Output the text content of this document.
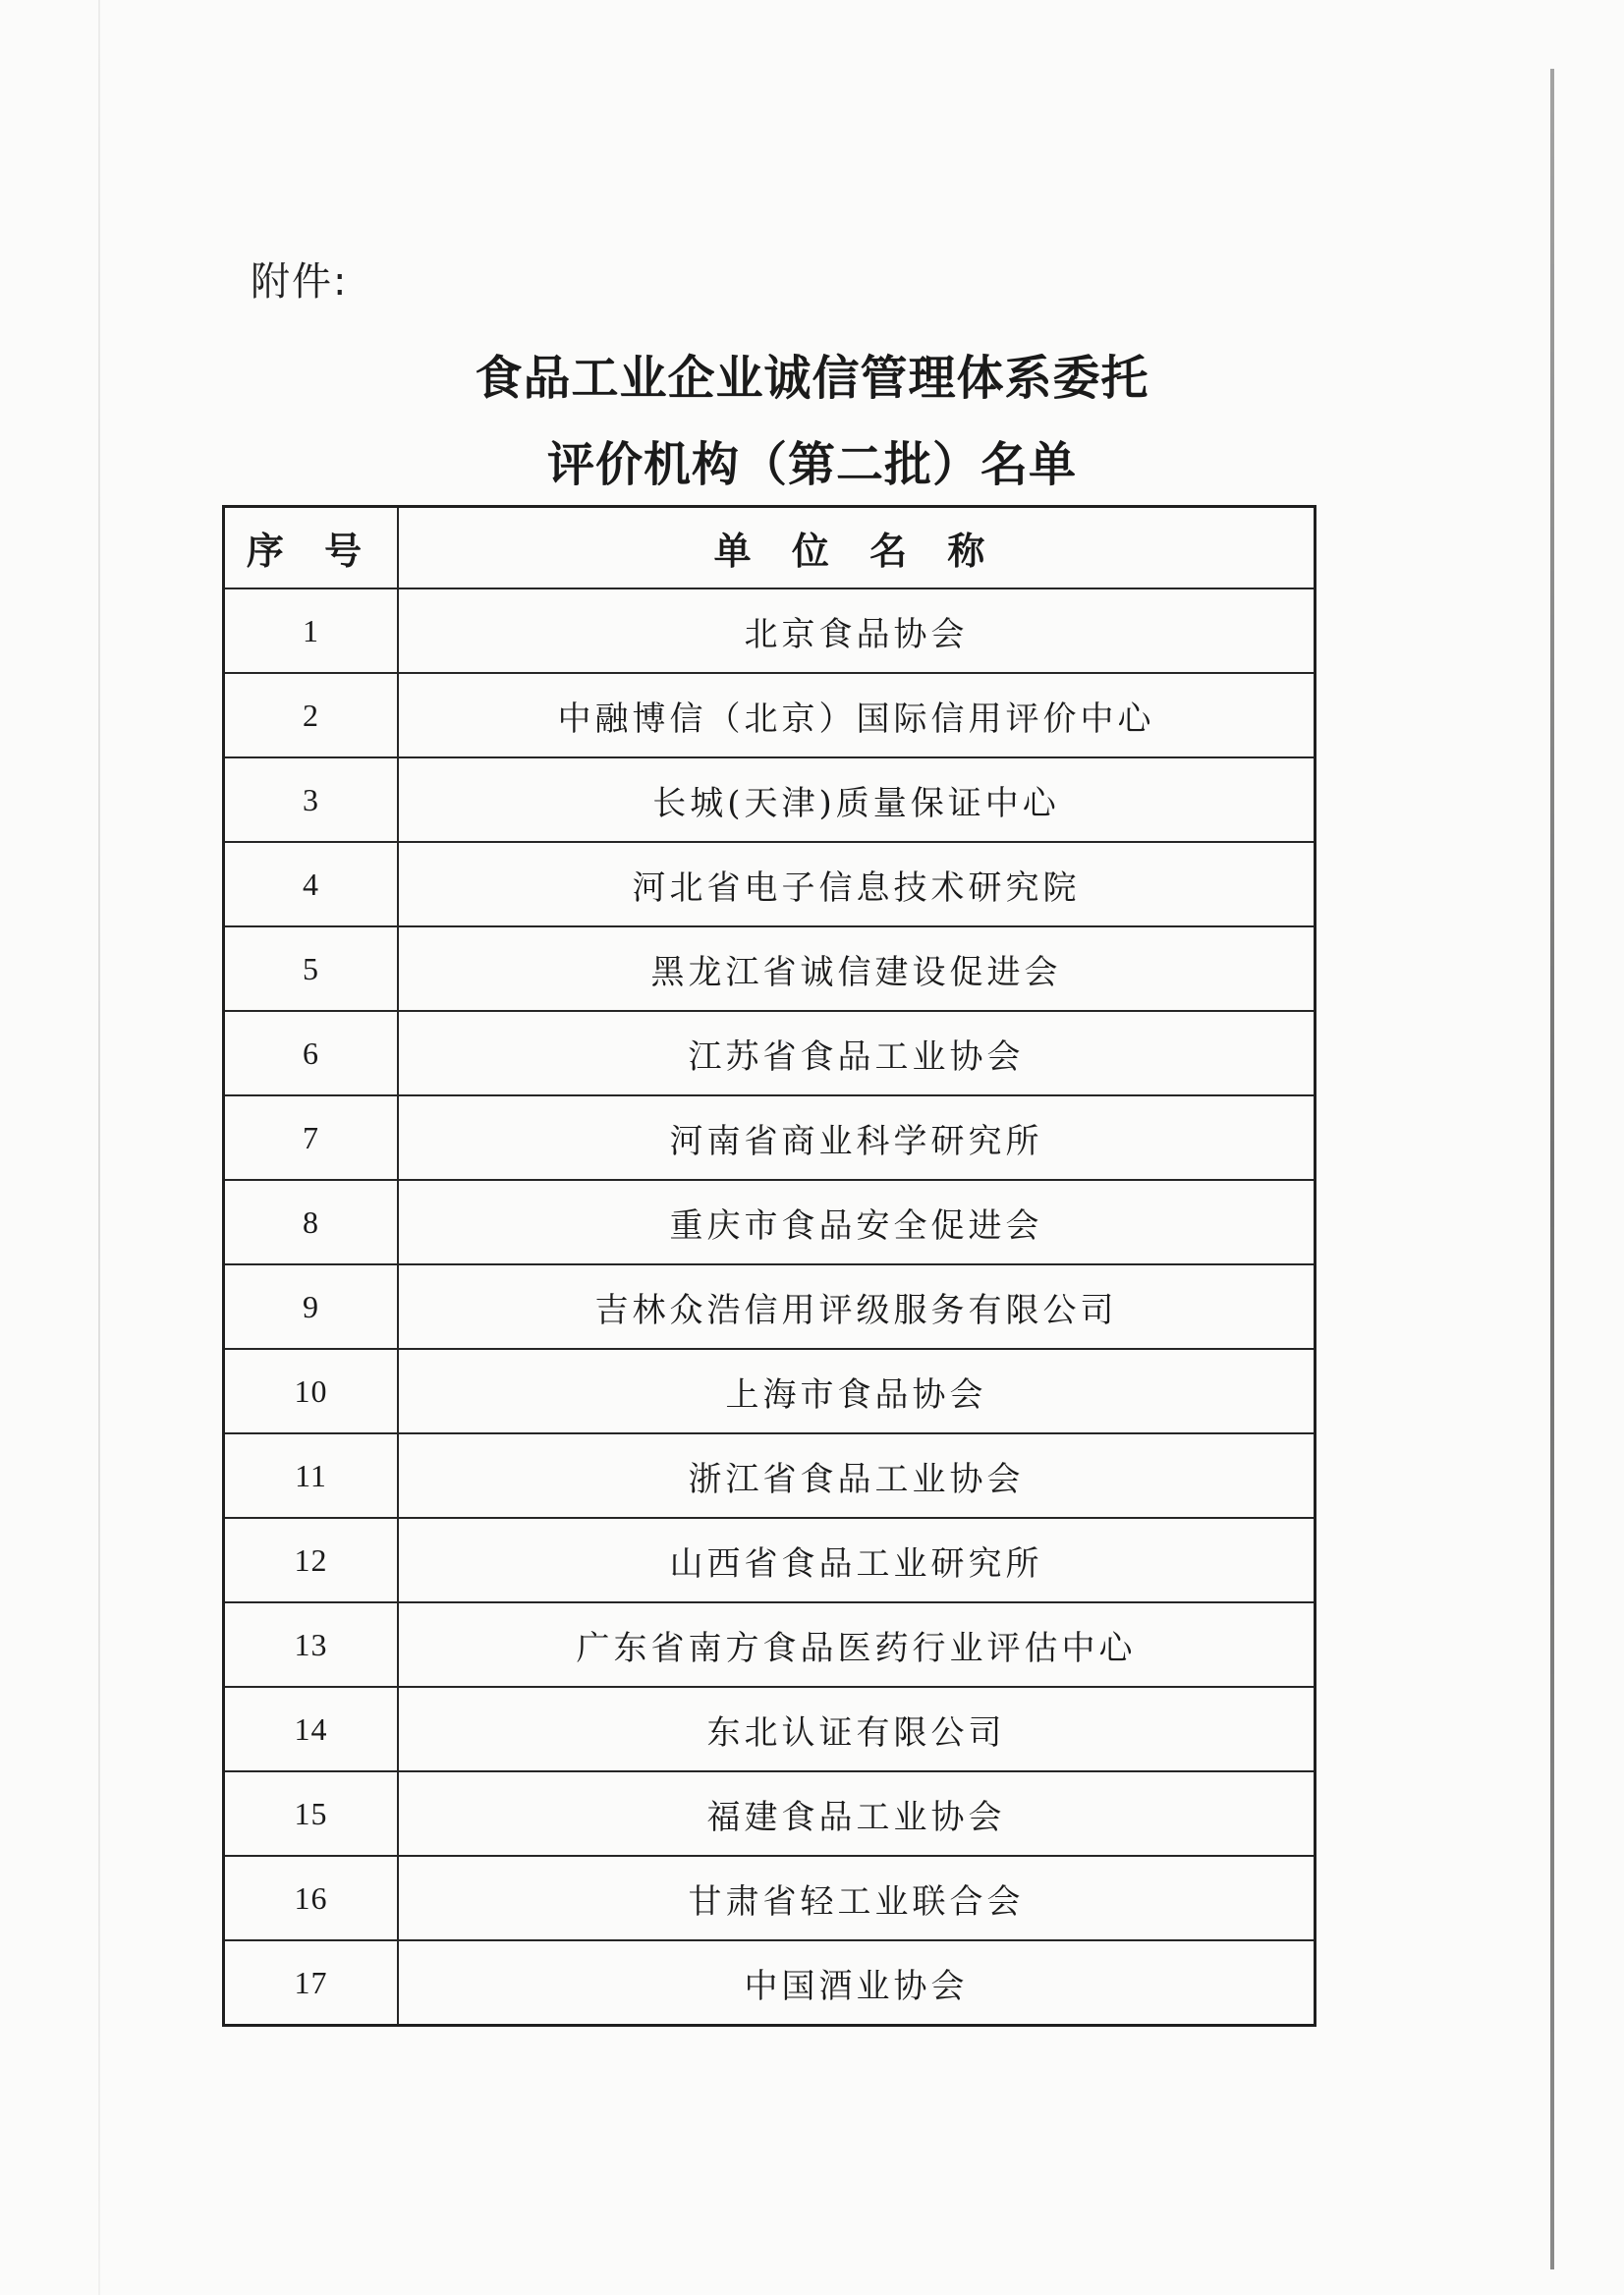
附件:
食品工业企业诚信管理体系委托
评价机构（第二批）名单
序 号	单 位 名 称
1	北京食品协会
2	中融博信（北京）国际信用评价中心
3	长城(天津)质量保证中心
4	河北省电子信息技术研究院
5	黑龙江省诚信建设促进会
6	江苏省食品工业协会
7	河南省商业科学研究所
8	重庆市食品安全促进会
9	吉林众浩信用评级服务有限公司
10	上海市食品协会
11	浙江省食品工业协会
12	山西省食品工业研究所
13	广东省南方食品医药行业评估中心
14	东北认证有限公司
15	福建食品工业协会
16	甘肃省轻工业联合会
17	中国酒业协会
